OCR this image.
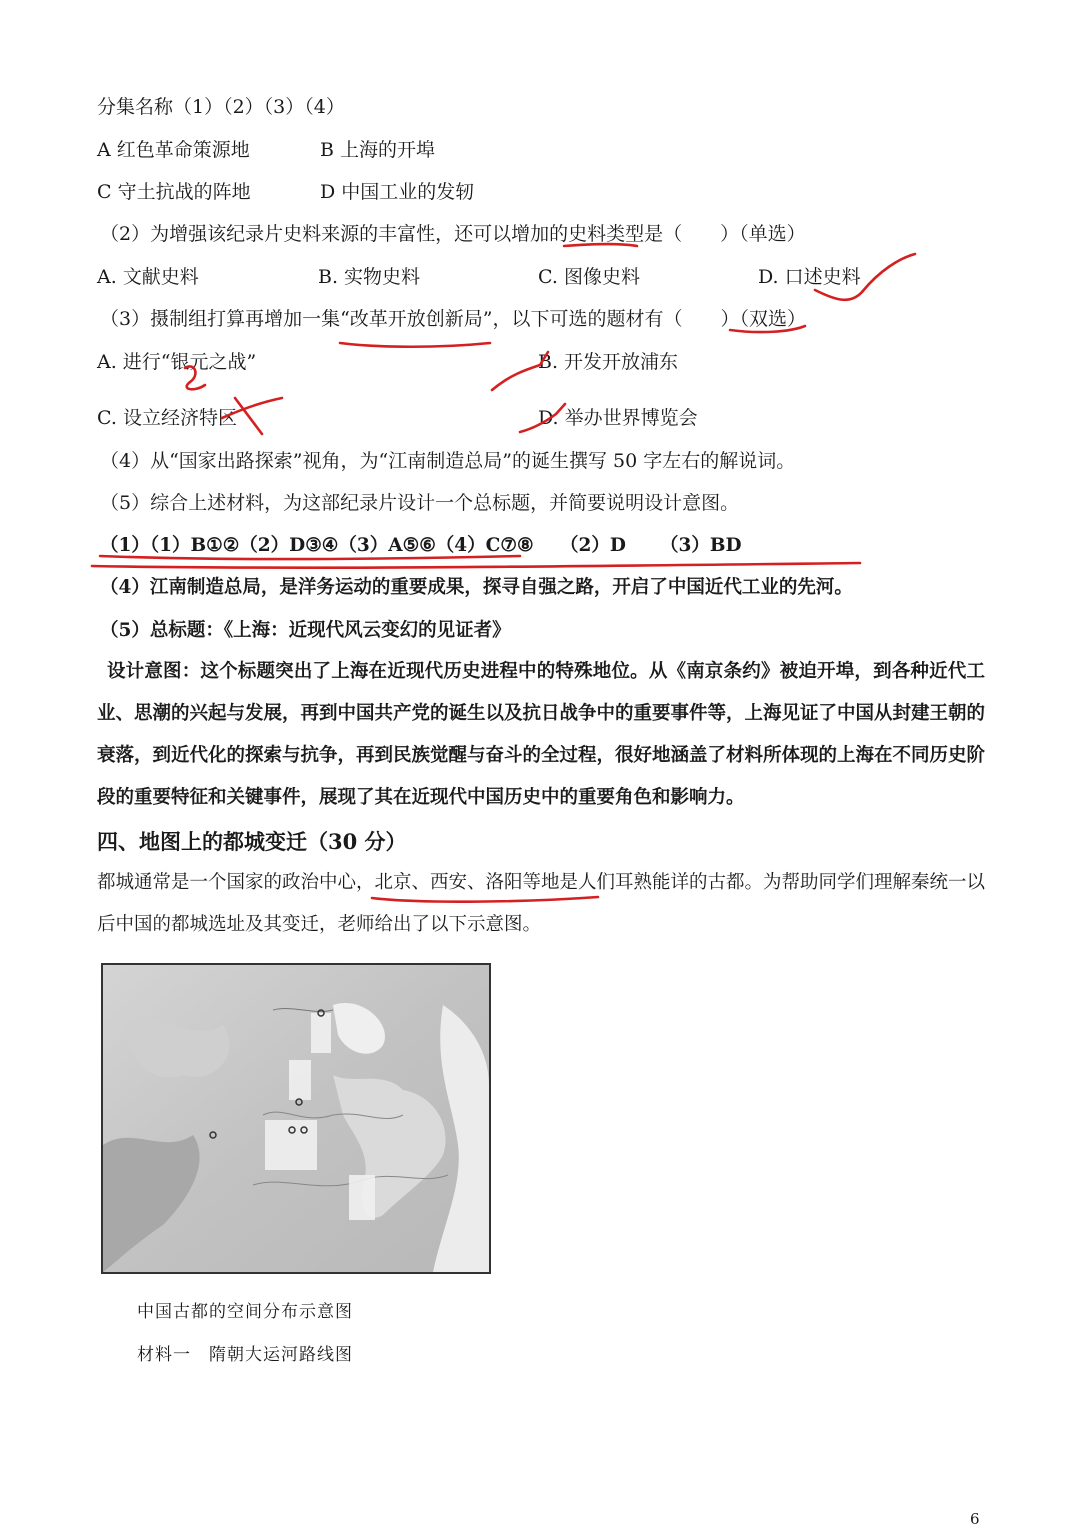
分集名称（1）（2）（3）（4）
A 红色革命策源地	B 上海的开埠
C 守土抗战的阵地	D 中国工业的发轫
（2）为增强该纪录片史料来源的丰富性，还可以增加的史料类型是（　　）（单选）
A. 文献史料	B. 实物史料	C. 图像史料	D. 口述史料
（3）摄制组打算再增加一集“改革开放创新局”，以下可选的题材有（　　）（双选）
A. 进行“银元之战”	B. 开发开放浦东
C. 设立经济特区	D. 举办世界博览会
（4）从“国家出路探索”视角，为“江南制造总局”的诞生撰写 50 字左右的解说词。
（5）综合上述材料，为这部纪录片设计一个总标题，并简要说明设计意图。
（1）（1）B①②（2）D③④（3）A⑤⑥（4）C⑦⑧ （2）D （3）BD
（4）江南制造总局，是洋务运动的重要成果，探寻自强之路，开启了中国近代工业的先河。
（5）总标题：《上海：近现代风云变幻的见证者》
设计意图：这个标题突出了上海在近现代历史进程中的特殊地位。从《南京条约》被迫开埠，到各种近代工业、思潮的兴起与发展，再到中国共产党的诞生以及抗日战争中的重要事件等，上海见证了中国从封建王朝的衰落，到近代化的探索与抗争，再到民族觉醒与奋斗的全过程，很好地涵盖了材料所体现的上海在不同历史阶段的重要特征和关键事件，展现了其在近现代中国历史中的重要角色和影响力。
四、地图上的都城变迁（30 分）
都城通常是一个国家的政治中心，北京、西安、洛阳等地是人们耳熟能详的古都。为帮助同学们理解秦统一以后中国的都城选址及其变迁，老师给出了以下示意图。
中国古都的空间分布示意图
材料一　隋朝大运河路线图
6
